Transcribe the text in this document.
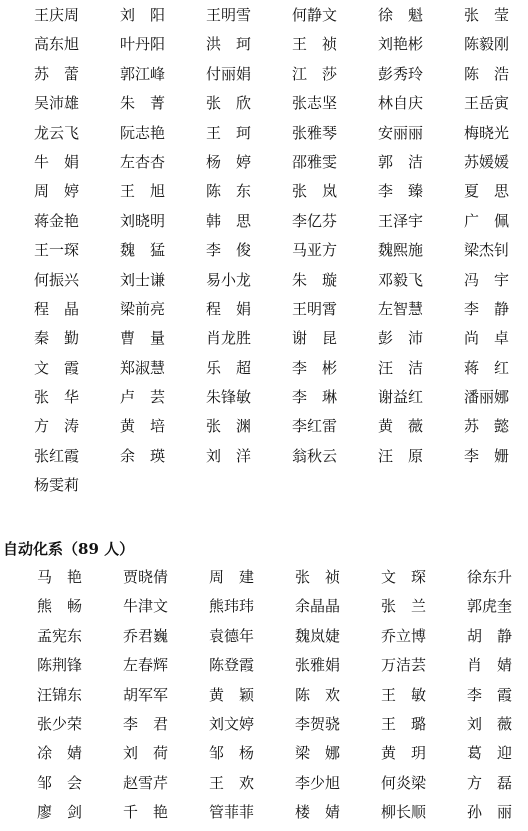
王庆周	刘　阳	王明雪	何静文	徐　魁	张　莹
高东旭	叶丹阳	洪　珂	王　祯	刘艳彬	陈毅刚
苏　蕾	郭江峰	付丽娟	江　莎	彭秀玲	陈　浩
吴沛雄	朱　菁	张　欣	张志坚	林自庆	王岳寅
龙云飞	阮志艳	王　珂	张雅琴	安丽丽	梅晓光
牛　娟	左杏杏	杨　婷	邵雅雯	郭　洁	苏媛媛
周　婷	王　旭	陈　东	张　岚	李　臻	夏　思
蒋金艳	刘晓明	韩　思	李亿芬	王泽宇	广　佩
王一琛	魏　猛	李　俊	马亚方	魏熙施	梁杰钊
何振兴	刘士谦	易小龙	朱　璇	邓毅飞	冯　宇
程　晶	梁前亮	程　娟	王明霄	左智慧	李　静
秦　勤	曹　量	肖龙胜	谢　昆	彭　沛	尚　卓
文　霞	郑淑慧	乐　超	李　彬	汪　洁	蒋　红
张　华	卢　芸	朱锋敏	李　琳	谢益红	潘丽娜
方　涛	黄　培	张　渊	李红雷	黄　薇	苏　懿
张红霞	余　瑛	刘　洋	翁秋云	汪　原	李　姗
杨雯莉
自动化系（89 人）
马　艳	贾晓倩	周　建	张　祯	文　琛	徐东升
熊　畅	牛津文	熊玮玮	余晶晶	张　兰	郭虎奎
孟宪东	乔君巍	袁德年	魏岚婕	乔立博	胡　静
陈荆锋	左春辉	陈登霞	张雅娟	万洁芸	肖　婧
汪锦东	胡军军	黄　颖	陈　欢	王　敏	李　霞
张少荣	李　君	刘文婷	李贺骁	王　璐	刘　薇
凃　婧	刘　荷	邹　杨	梁　娜	黄　玥	葛　迎
邹　会	赵雪芹	王　欢	李少旭	何炎梁	方　磊
廖　剑	千　艳	管菲菲	楼　婧	柳长顺	孙　丽
